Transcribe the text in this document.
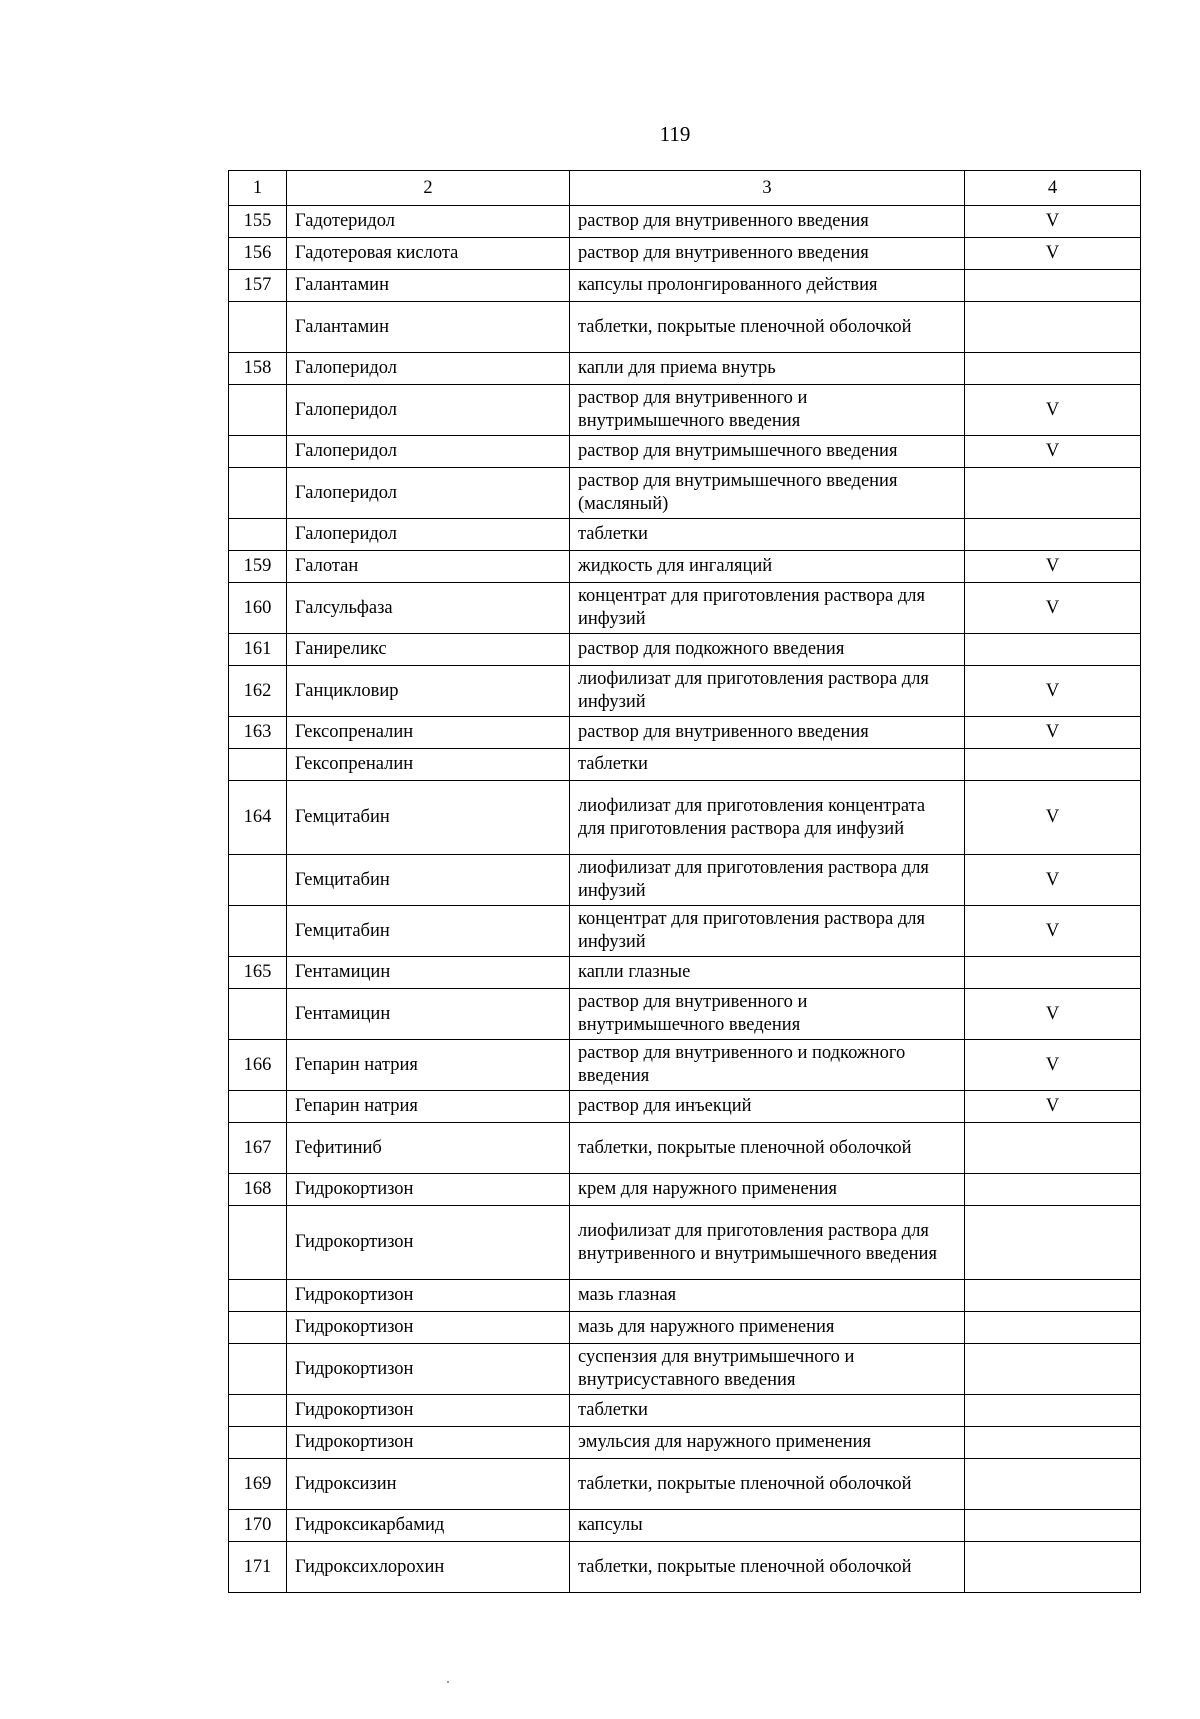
119
1	2	3	4
155	Гадотеридол	раствор для внутривенного введения	V
156	Гадотеровая кислота	раствор для внутривенного введения	V
157	Галантамин	капсулы пролонгированного действия	
	Галантамин	таблетки, покрытые пленочной оболочкой	
158	Галоперидол	капли для приема внутрь	
	Галоперидол	раствор для внутривенного и внутримышечного введения	V
	Галоперидол	раствор для внутримышечного введения	V
	Галоперидол	раствор для внутримышечного введения (масляный)	
	Галоперидол	таблетки	
159	Галотан	жидкость для ингаляций	V
160	Галсульфаза	концентрат для приготовления раствора для инфузий	V
161	Ганиреликс	раствор для подкожного введения	
162	Ганцикловир	лиофилизат для приготовления раствора для инфузий	V
163	Гексопреналин	раствор для внутривенного введения	V
	Гексопреналин	таблетки	
164	Гемцитабин	лиофилизат для приготовления концентрата для приготовления раствора для инфузий	V
	Гемцитабин	лиофилизат для приготовления раствора для инфузий	V
	Гемцитабин	концентрат для приготовления раствора для инфузий	V
165	Гентамицин	капли глазные	
	Гентамицин	раствор для внутривенного и внутримышечного введения	V
166	Гепарин натрия	раствор для внутривенного и подкожного введения	V
	Гепарин натрия	раствор для инъекций	V
167	Гефитиниб	таблетки, покрытые пленочной оболочкой	
168	Гидрокортизон	крем для наружного применения	
	Гидрокортизон	лиофилизат для приготовления раствора для внутривенного и внутримышечного введения	
	Гидрокортизон	мазь глазная	
	Гидрокортизон	мазь для наружного применения	
	Гидрокортизон	суспензия для внутримышечного и внутрисуставного введения	
	Гидрокортизон	таблетки	
	Гидрокортизон	эмульсия для наружного применения	
169	Гидроксизин	таблетки, покрытые пленочной оболочкой	
170	Гидроксикарбамид	капсулы	
171	Гидроксихлорохин	таблетки, покрытые пленочной оболочкой	
